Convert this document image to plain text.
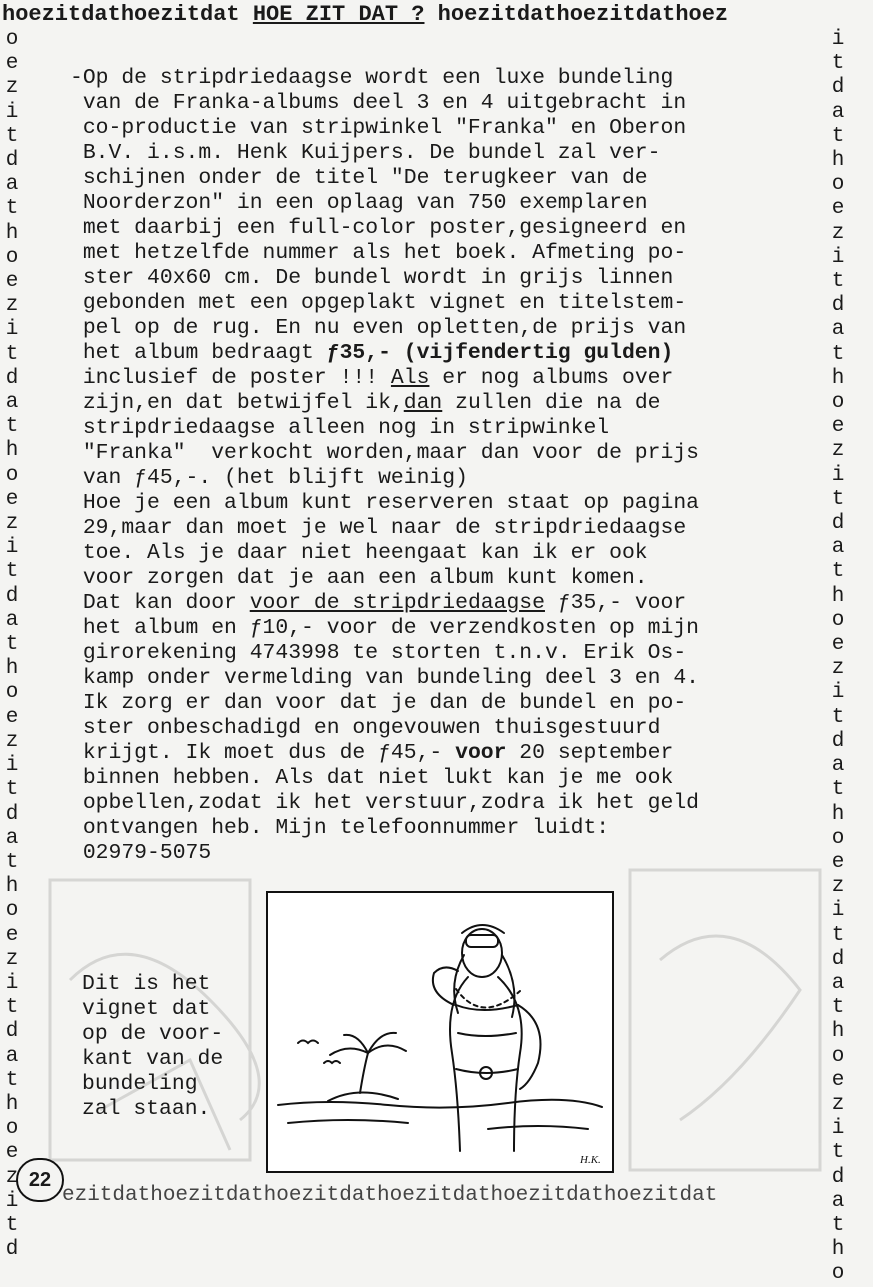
hoezitdathoezitdat HOE ZIT DAT ? hoezitdathoezitdathoez
oezitdathoezitdathoezitdathoezitdathoezitdathoezitd
itdathoezitdathoezitdathoezitdathoezitdathoezitdatho

-Op de stripdriedaagse wordt een luxe bundeling

van de Franka-albums deel 3 en 4 uitgebracht in

co-productie van stripwinkel "Franka" en Oberon

B.V. i.s.m. Henk Kuijpers. De bundel zal ver-

schijnen onder de titel "De terugkeer van de

Noorderzon" in een oplaag van 750 exemplaren

met daarbij een full-color poster,gesigneerd en

met hetzelfde nummer als het boek. Afmeting po-

ster 40x60 cm. De bundel wordt in grijs linnen

gebonden met een opgeplakt vignet en titelstem-

pel op de rug. En nu even opletten,de prijs van

het album bedraagt ƒ35,- (vijfendertig gulden)

inclusief de poster !!! Als er nog albums over

zijn,en dat betwijfel ik,dan zullen die na de

stripdriedaagse alleen nog in stripwinkel

"Franka"  verkocht worden,maar dan voor de prijs

van ƒ45,-. (het blijft weinig)

Hoe je een album kunt reserveren staat op pagina

29,maar dan moet je wel naar de stripdriedaagse

toe. Als je daar niet heengaat kan ik er ook

voor zorgen dat je aan een album kunt komen.

Dat kan door voor de stripdriedaagse ƒ35,- voor

het album en ƒ10,- voor de verzendkosten op mijn

girorekening 4743998 te storten t.n.v. Erik Os-

kamp onder vermelding van bundeling deel 3 en 4.

Ik zorg er dan voor dat je dan de bundel en po-

ster onbeschadigd en ongevouwen thuisgestuurd

krijgt. Ik moet dus de ƒ45,- voor 20 september

binnen hebben. Als dat niet lukt kan je me ook

opbellen,zodat ik het verstuur,zodra ik het geld

ontvangen heb. Mijn telefoonnummer luidt:

02979-5075

Dit is het

vignet dat

op de voor-

kant van de

bundeling

zal staan.

H.K.
22
ezitdathoezitdathoezitdathoezitdathoezitdathoezitdat
